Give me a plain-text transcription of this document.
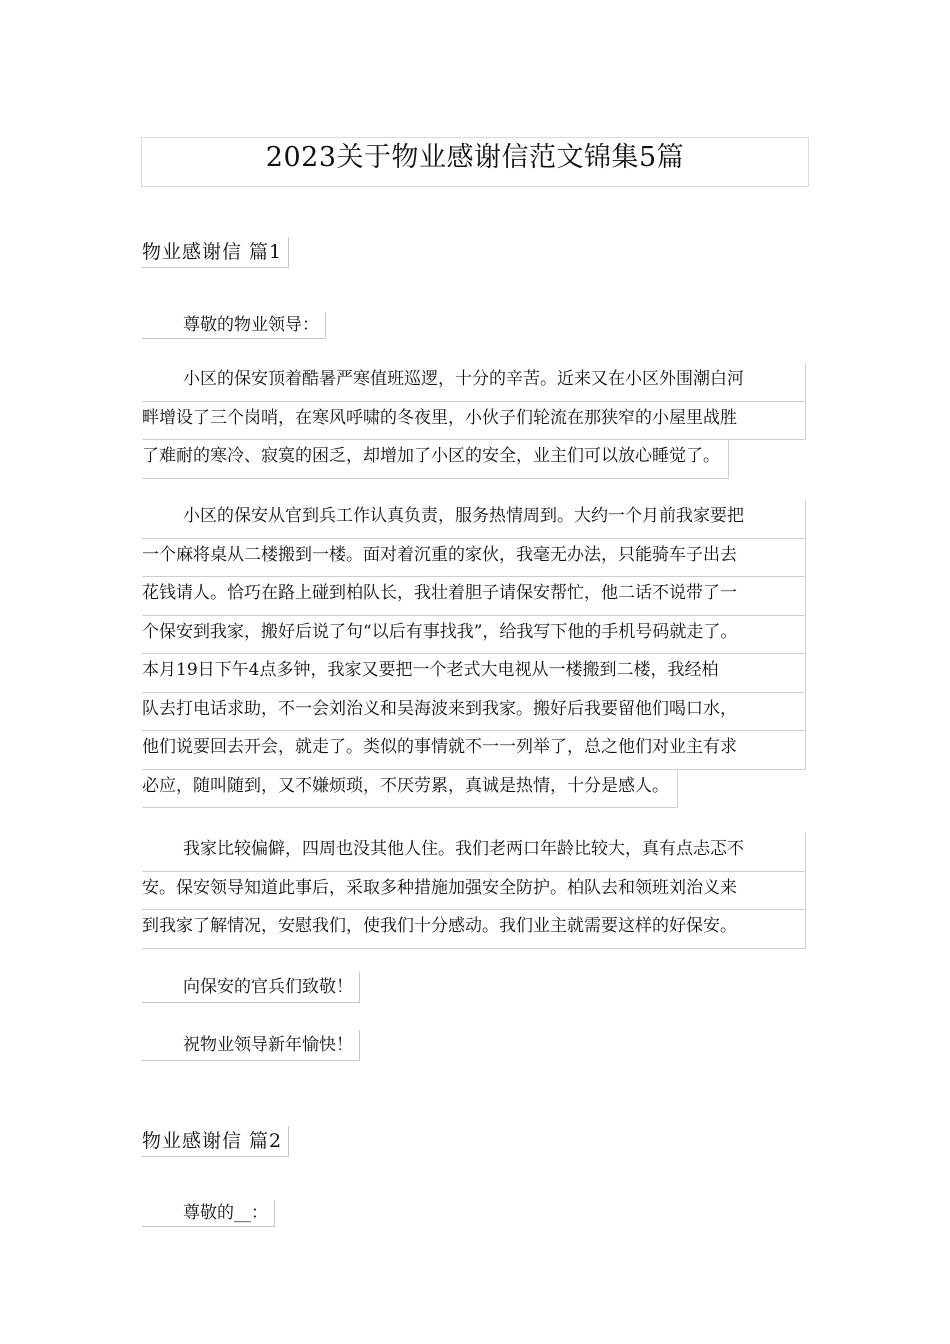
2023关于物业感谢信范文锦集5篇
物业感谢信 篇1
尊敬的物业领导：
小区的保安顶着酷暑严寒值班巡逻，十分的辛苦。近来又在小区外围潮白河
畔增设了三个岗哨，在寒风呼啸的冬夜里，小伙子们轮流在那狭窄的小屋里战胜
了难耐的寒冷、寂寞的困乏，却增加了小区的安全，业主们可以放心睡觉了。
小区的保安从官到兵工作认真负责，服务热情周到。大约一个月前我家要把
一个麻将桌从二楼搬到一楼。面对着沉重的家伙，我毫无办法，只能骑车子出去
花钱请人。恰巧在路上碰到柏队长，我壮着胆子请保安帮忙，他二话不说带了一
个保安到我家，搬好后说了句“以后有事找我”，给我写下他的手机号码就走了。
本月19日下午4点多钟，我家又要把一个老式大电视从一楼搬到二楼，我经柏
队去打电话求助，不一会刘治义和吴海波来到我家。搬好后我要留他们喝口水，
他们说要回去开会，就走了。类似的事情就不一一列举了，总之他们对业主有求
必应，随叫随到，又不嫌烦琐，不厌劳累，真诚是热情，十分是感人。
我家比较偏僻，四周也没其他人住。我们老两口年龄比较大，真有点忐忑不
安。保安领导知道此事后，采取多种措施加强安全防护。柏队去和领班刘治义来
到我家了解情况，安慰我们，使我们十分感动。我们业主就需要这样的好保安。
向保安的官兵们致敬！
祝物业领导新年愉快！
物业感谢信 篇2
尊敬的__：
